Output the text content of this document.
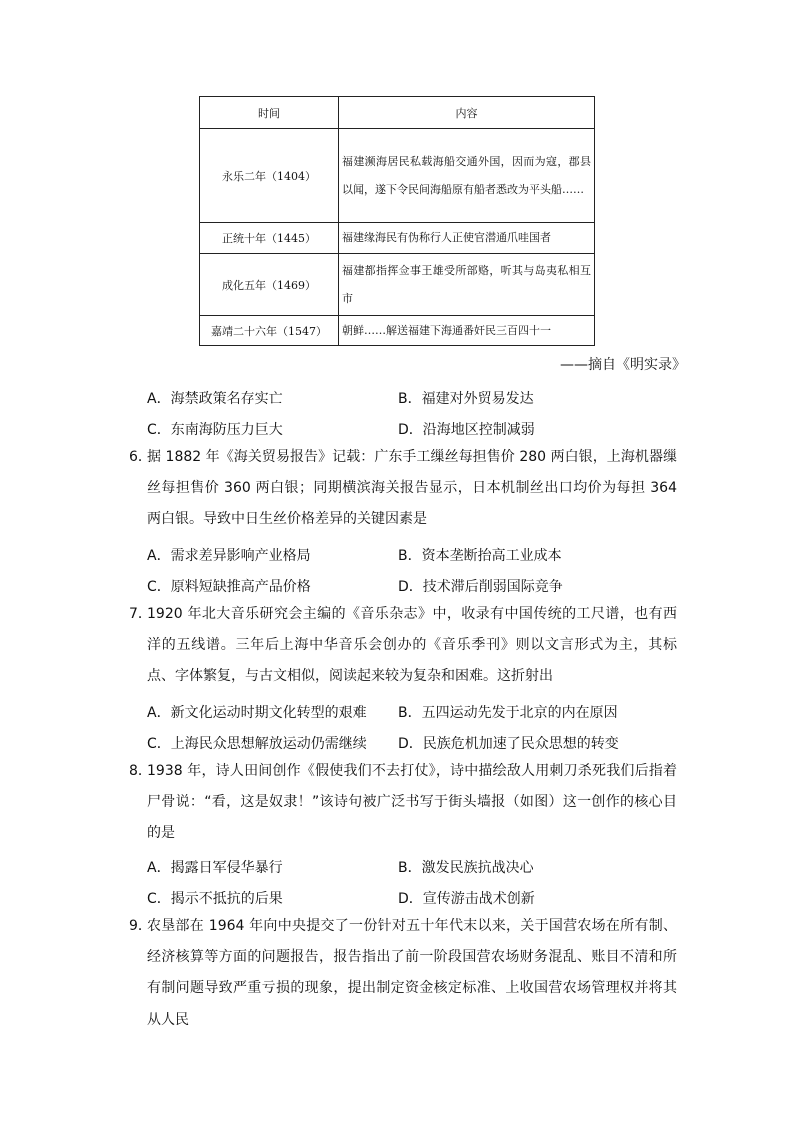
时间	内容
永乐二年（1404）	福建濒海居民私载海船交通外国，因而为寇，郡县以闻，遂下令民间海船原有船者悉改为平头船……
正统十年（1445）	福建缘海民有伪称行人正使官潜通爪哇国者
成化五年（1469）	福建都指挥佥事王雄受所部赂，听其与岛夷私相互市
嘉靖二十六年（1547）	朝鲜……解送福建下海通番奸民三百四十一
——摘自《明实录》
A．海禁政策名存实亡	B．福建对外贸易发达
C．东南海防压力巨大	D．沿海地区控制减弱
6．
据 1882 年《海关贸易报告》记载：广东手工缫丝每担售价 280 两白银，上海机器缫丝每担售价 360 两白银；同期横滨海关报告显示，日本机制丝出口均价为每担 364 两白银。导致中日生丝价格差异的关键因素是
A．需求差异影响产业格局	B．资本垄断抬高工业成本
C．原料短缺推高产品价格	D．技术滞后削弱国际竞争
7．
1920 年北大音乐研究会主编的《音乐杂志》中，收录有中国传统的工尺谱，也有西洋的五线谱。三年后上海中华音乐会创办的《音乐季刊》则以文言形式为主，其标点、字体繁复，与古文相似，阅读起来较为复杂和困难。这折射出
A．新文化运动时期文化转型的艰难 B．五四运动先发于北京的内在原因
C．上海民众思想解放运动仍需继续 D．民族危机加速了民众思想的转变
8．
1938 年，诗人田间创作《假使我们不去打仗》，诗中描绘敌人用刺刀杀死我们后指着尸骨说：“看，这是奴隶！”该诗句被广泛书写于街头墙报（如图）这一创作的核心目的是
A．揭露日军侵华暴行	B．激发民族抗战决心
C．揭示不抵抗的后果	D．宣传游击战术创新
9．
农垦部在 1964 年向中央提交了一份针对五十年代末以来，关于国营农场在所有制、经济核算等方面的问题报告，报告指出了前一阶段国营农场财务混乱、账目不清和所有制问题导致严重亏损的现象，提出制定资金核定标准、上收国营农场管理权并将其从人民
